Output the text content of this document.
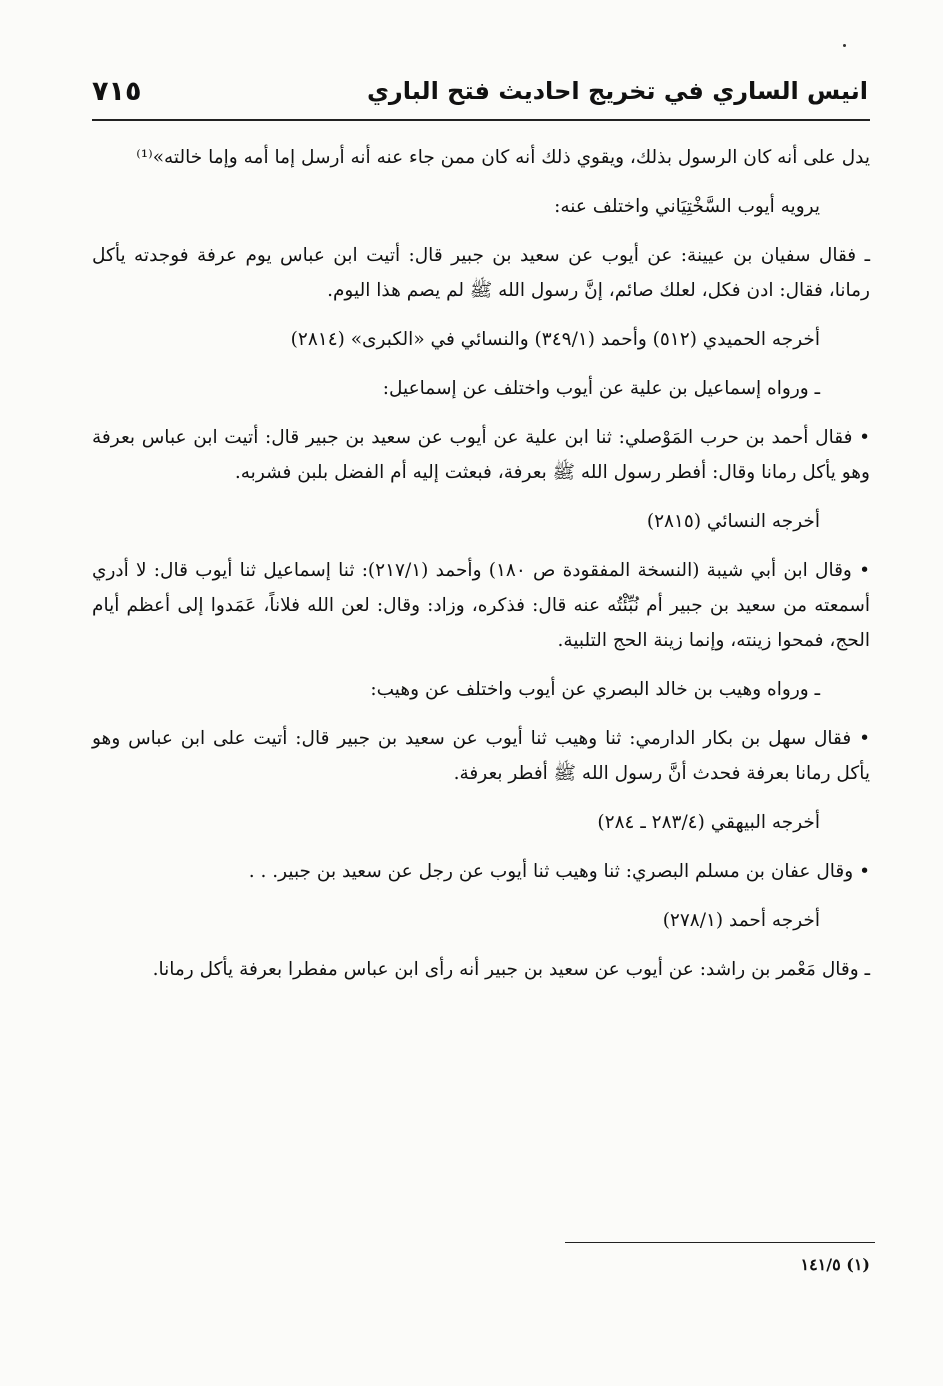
٧١٥	انيس الساري في تخريج احاديث فتح الباري

يدل على أنه كان الرسول بذلك، ويقوي ذلك أنه كان ممن جاء عنه أنه أرسل إما أمه وإما خالته»⁽¹⁾

يرويه أيوب السَّخْتِيَاني واختلف عنه:

ـ فقال سفيان بن عيينة: عن أيوب عن سعيد بن جبير قال: أتيت ابن عباس يوم عرفة فوجدته يأكل رمانا، فقال: ادن فكل، لعلك صائم، إنَّ رسول الله ﷺ لم يصم هذا اليوم.

أخرجه الحميدي (٥١٢) وأحمد (٣٤٩/١) والنسائي في «الكبرى» (٢٨١٤)

ـ ورواه إسماعيل بن علية عن أيوب واختلف عن إسماعيل:

• فقال أحمد بن حرب المَوْصلي: ثنا ابن علية عن أيوب عن سعيد بن جبير قال: أتيت ابن عباس بعرفة وهو يأكل رمانا وقال: أفطر رسول الله ﷺ بعرفة، فبعثت إليه أم الفضل بلبن فشربه.

أخرجه النسائي (٢٨١٥)

• وقال ابن أبي شيبة (النسخة المفقودة ص ١٨٠) وأحمد (٢١٧/١): ثنا إسماعيل ثنا أيوب قال: لا أدري أسمعته من سعيد بن جبير أم نُبِّئْتُه عنه قال: فذكره، وزاد: وقال: لعن الله فلاناً، عَمَدوا إلى أعظم أيام الحج، فمحوا زينته، وإنما زينة الحج التلبية.

ـ ورواه وهيب بن خالد البصري عن أيوب واختلف عن وهيب:

• فقال سهل بن بكار الدارمي: ثنا وهيب ثنا أيوب عن سعيد بن جبير قال: أتيت على ابن عباس وهو يأكل رمانا بعرفة فحدث أنَّ رسول الله ﷺ أفطر بعرفة.

أخرجه البيهقي (٢٨٣/٤ ـ ٢٨٤)

• وقال عفان بن مسلم البصري: ثنا وهيب ثنا أيوب عن رجل عن سعيد بن جبير. . .

أخرجه أحمد (٢٧٨/١)

ـ وقال مَعْمر بن راشد: عن أيوب عن سعيد بن جبير أنه رأى ابن عباس مفطرا بعرفة يأكل رمانا.

(١) ١٤١/٥
